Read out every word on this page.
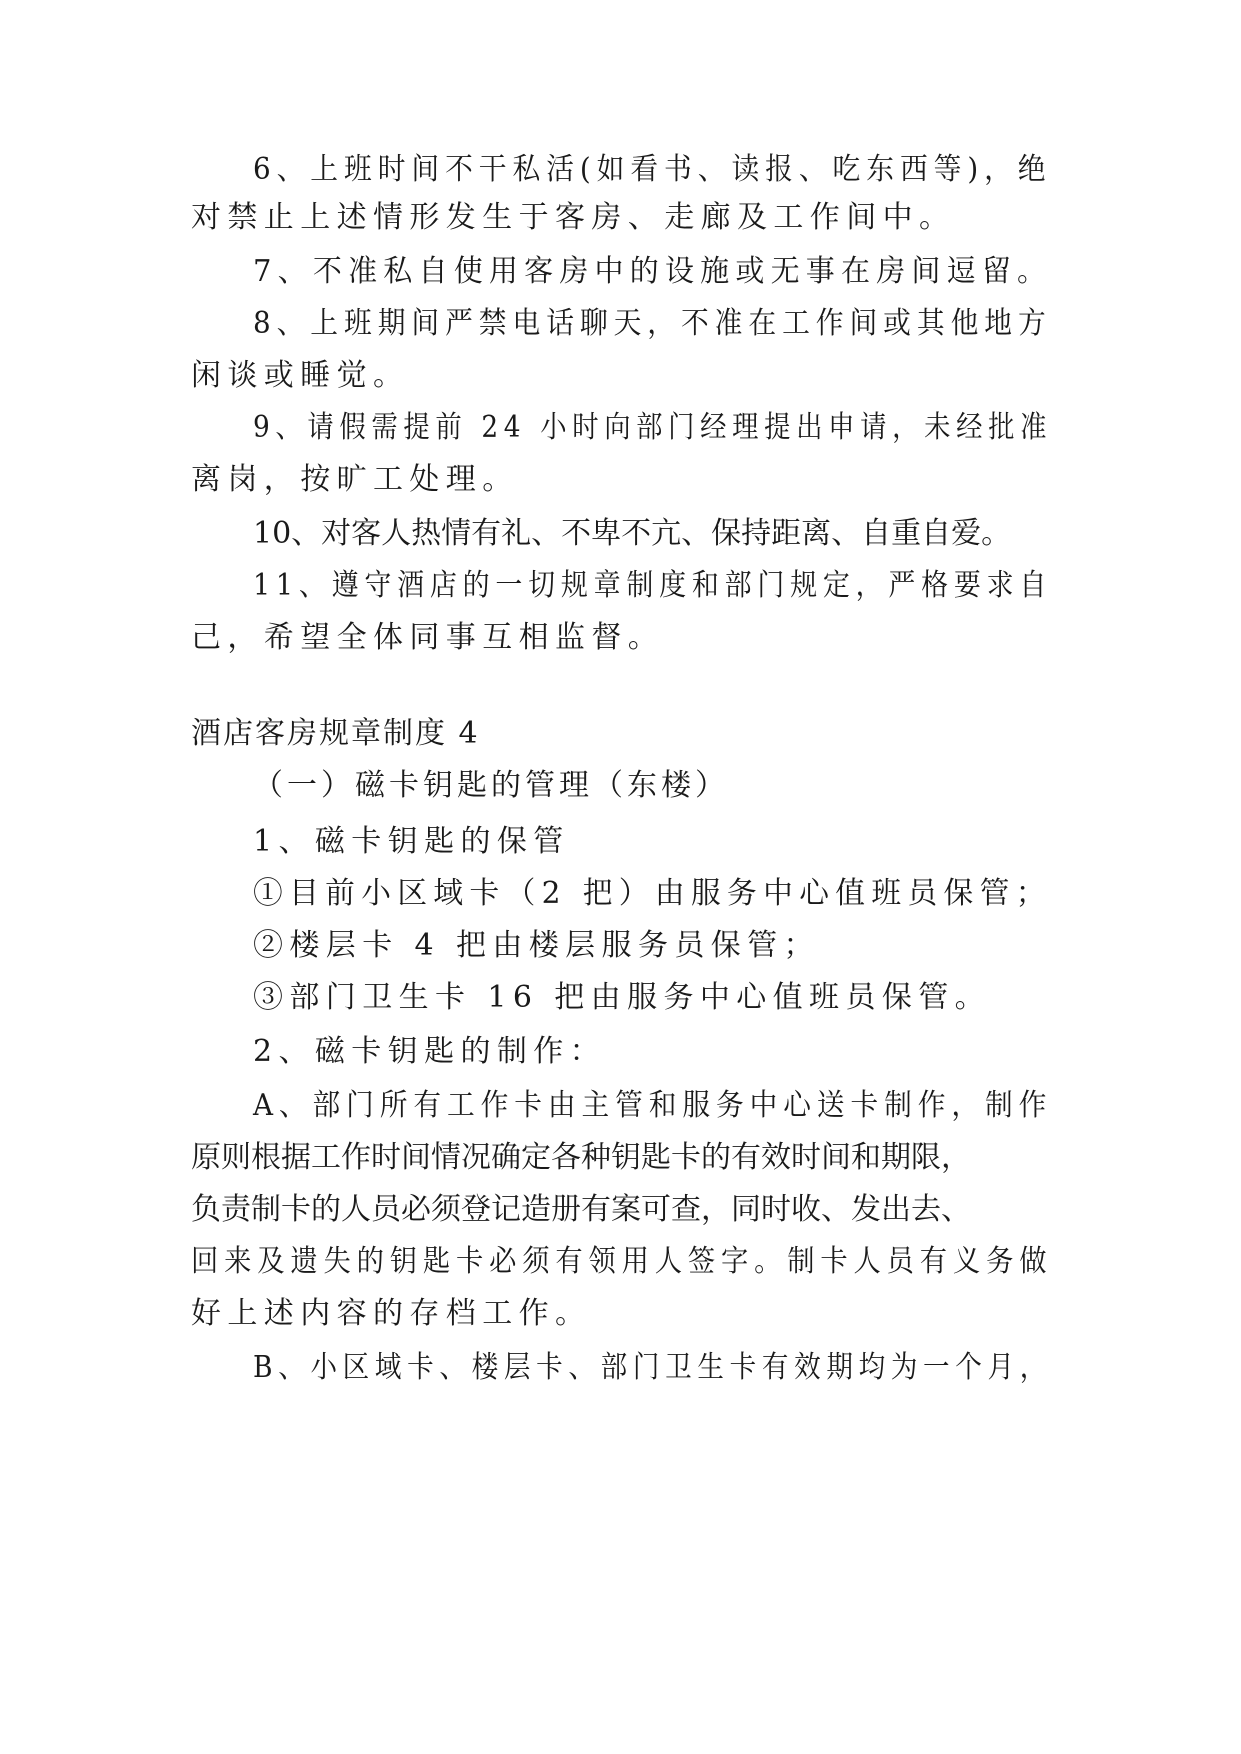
6、上班时间不干私活(如看书、读报、吃东西等)，绝
对禁止上述情形发生于客房、走廊及工作间中。
7、不准私自使用客房中的设施或无事在房间逗留。
8、上班期间严禁电话聊天，不准在工作间或其他地方
闲谈或睡觉。
9、请假需提前 24 小时向部门经理提出申请，未经批准
离岗，按旷工处理。
10、对客人热情有礼、不卑不亢、保持距离、自重自爱。
11、遵守酒店的一切规章制度和部门规定，严格要求自
己，希望全体同事互相监督。
酒店客房规章制度 4
（一）磁卡钥匙的管理（东楼）
1、磁卡钥匙的保管
①目前小区域卡（2 把）由服务中心值班员保管；
②楼层卡 4 把由楼层服务员保管；
③部门卫生卡 16 把由服务中心值班员保管。
2、磁卡钥匙的制作：
A、部门所有工作卡由主管和服务中心送卡制作，制作
原则根据工作时间情况确定各种钥匙卡的有效时间和期限，
负责制卡的人员必须登记造册有案可查，同时收、发出去、
回来及遗失的钥匙卡必须有领用人签字。制卡人员有义务做
好上述内容的存档工作。
B、小区域卡、楼层卡、部门卫生卡有效期均为一个月，
